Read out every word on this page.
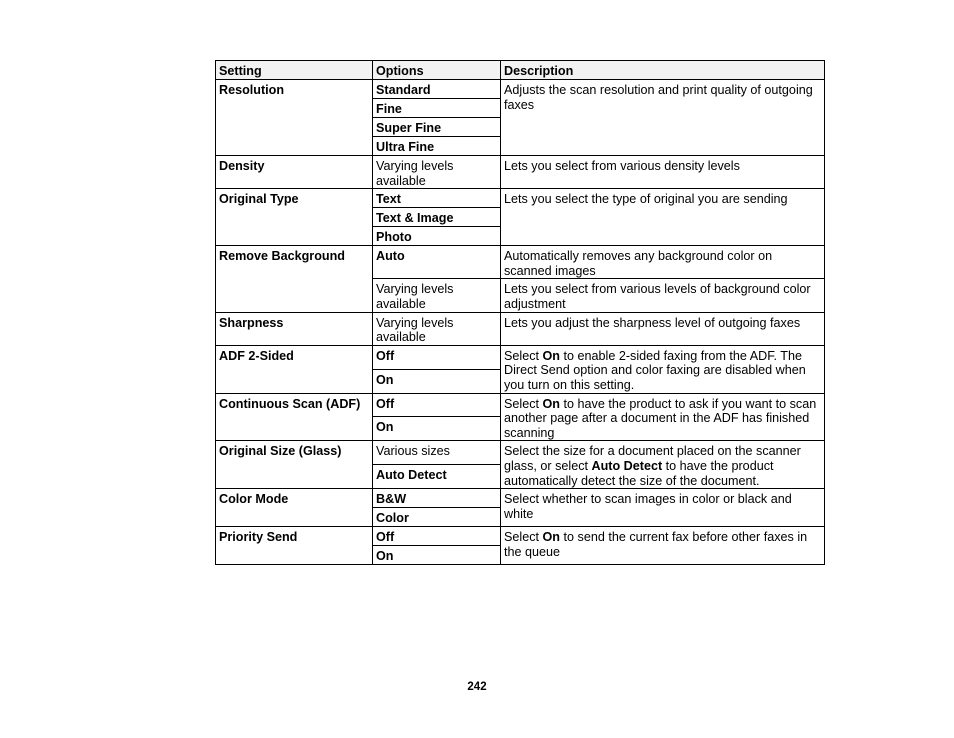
Setting	Options	Description
Resolution	Standard	Adjusts the scan resolution and print quality of outgoing faxes
	Fine	
	Super Fine	
	Ultra Fine	
Density	Varying levels available	Lets you select from various density levels
Original Type	Text	Lets you select the type of original you are sending
	Text & Image	
	Photo	
Remove Background	Auto	Automatically removes any background color on scanned images
	Varying levels available	Lets you select from various levels of background color adjustment
Sharpness	Varying levels available	Lets you adjust the sharpness level of outgoing faxes
ADF 2-Sided	Off	Select On to enable 2-sided faxing from the ADF. The Direct Send option and color faxing are disabled when you turn on this setting.
	On	
Continuous Scan (ADF)	Off	Select On to have the product to ask if you want to scan another page after a document in the ADF has finished scanning
	On	
Original Size (Glass)	Various sizes	Select the size for a document placed on the scanner glass, or select Auto Detect to have the product automatically detect the size of the document.
	Auto Detect	
Color Mode	B&W	Select whether to scan images in color or black and white
	Color	
Priority Send	Off	Select On to send the current fax before other faxes in the queue
	On	
242
